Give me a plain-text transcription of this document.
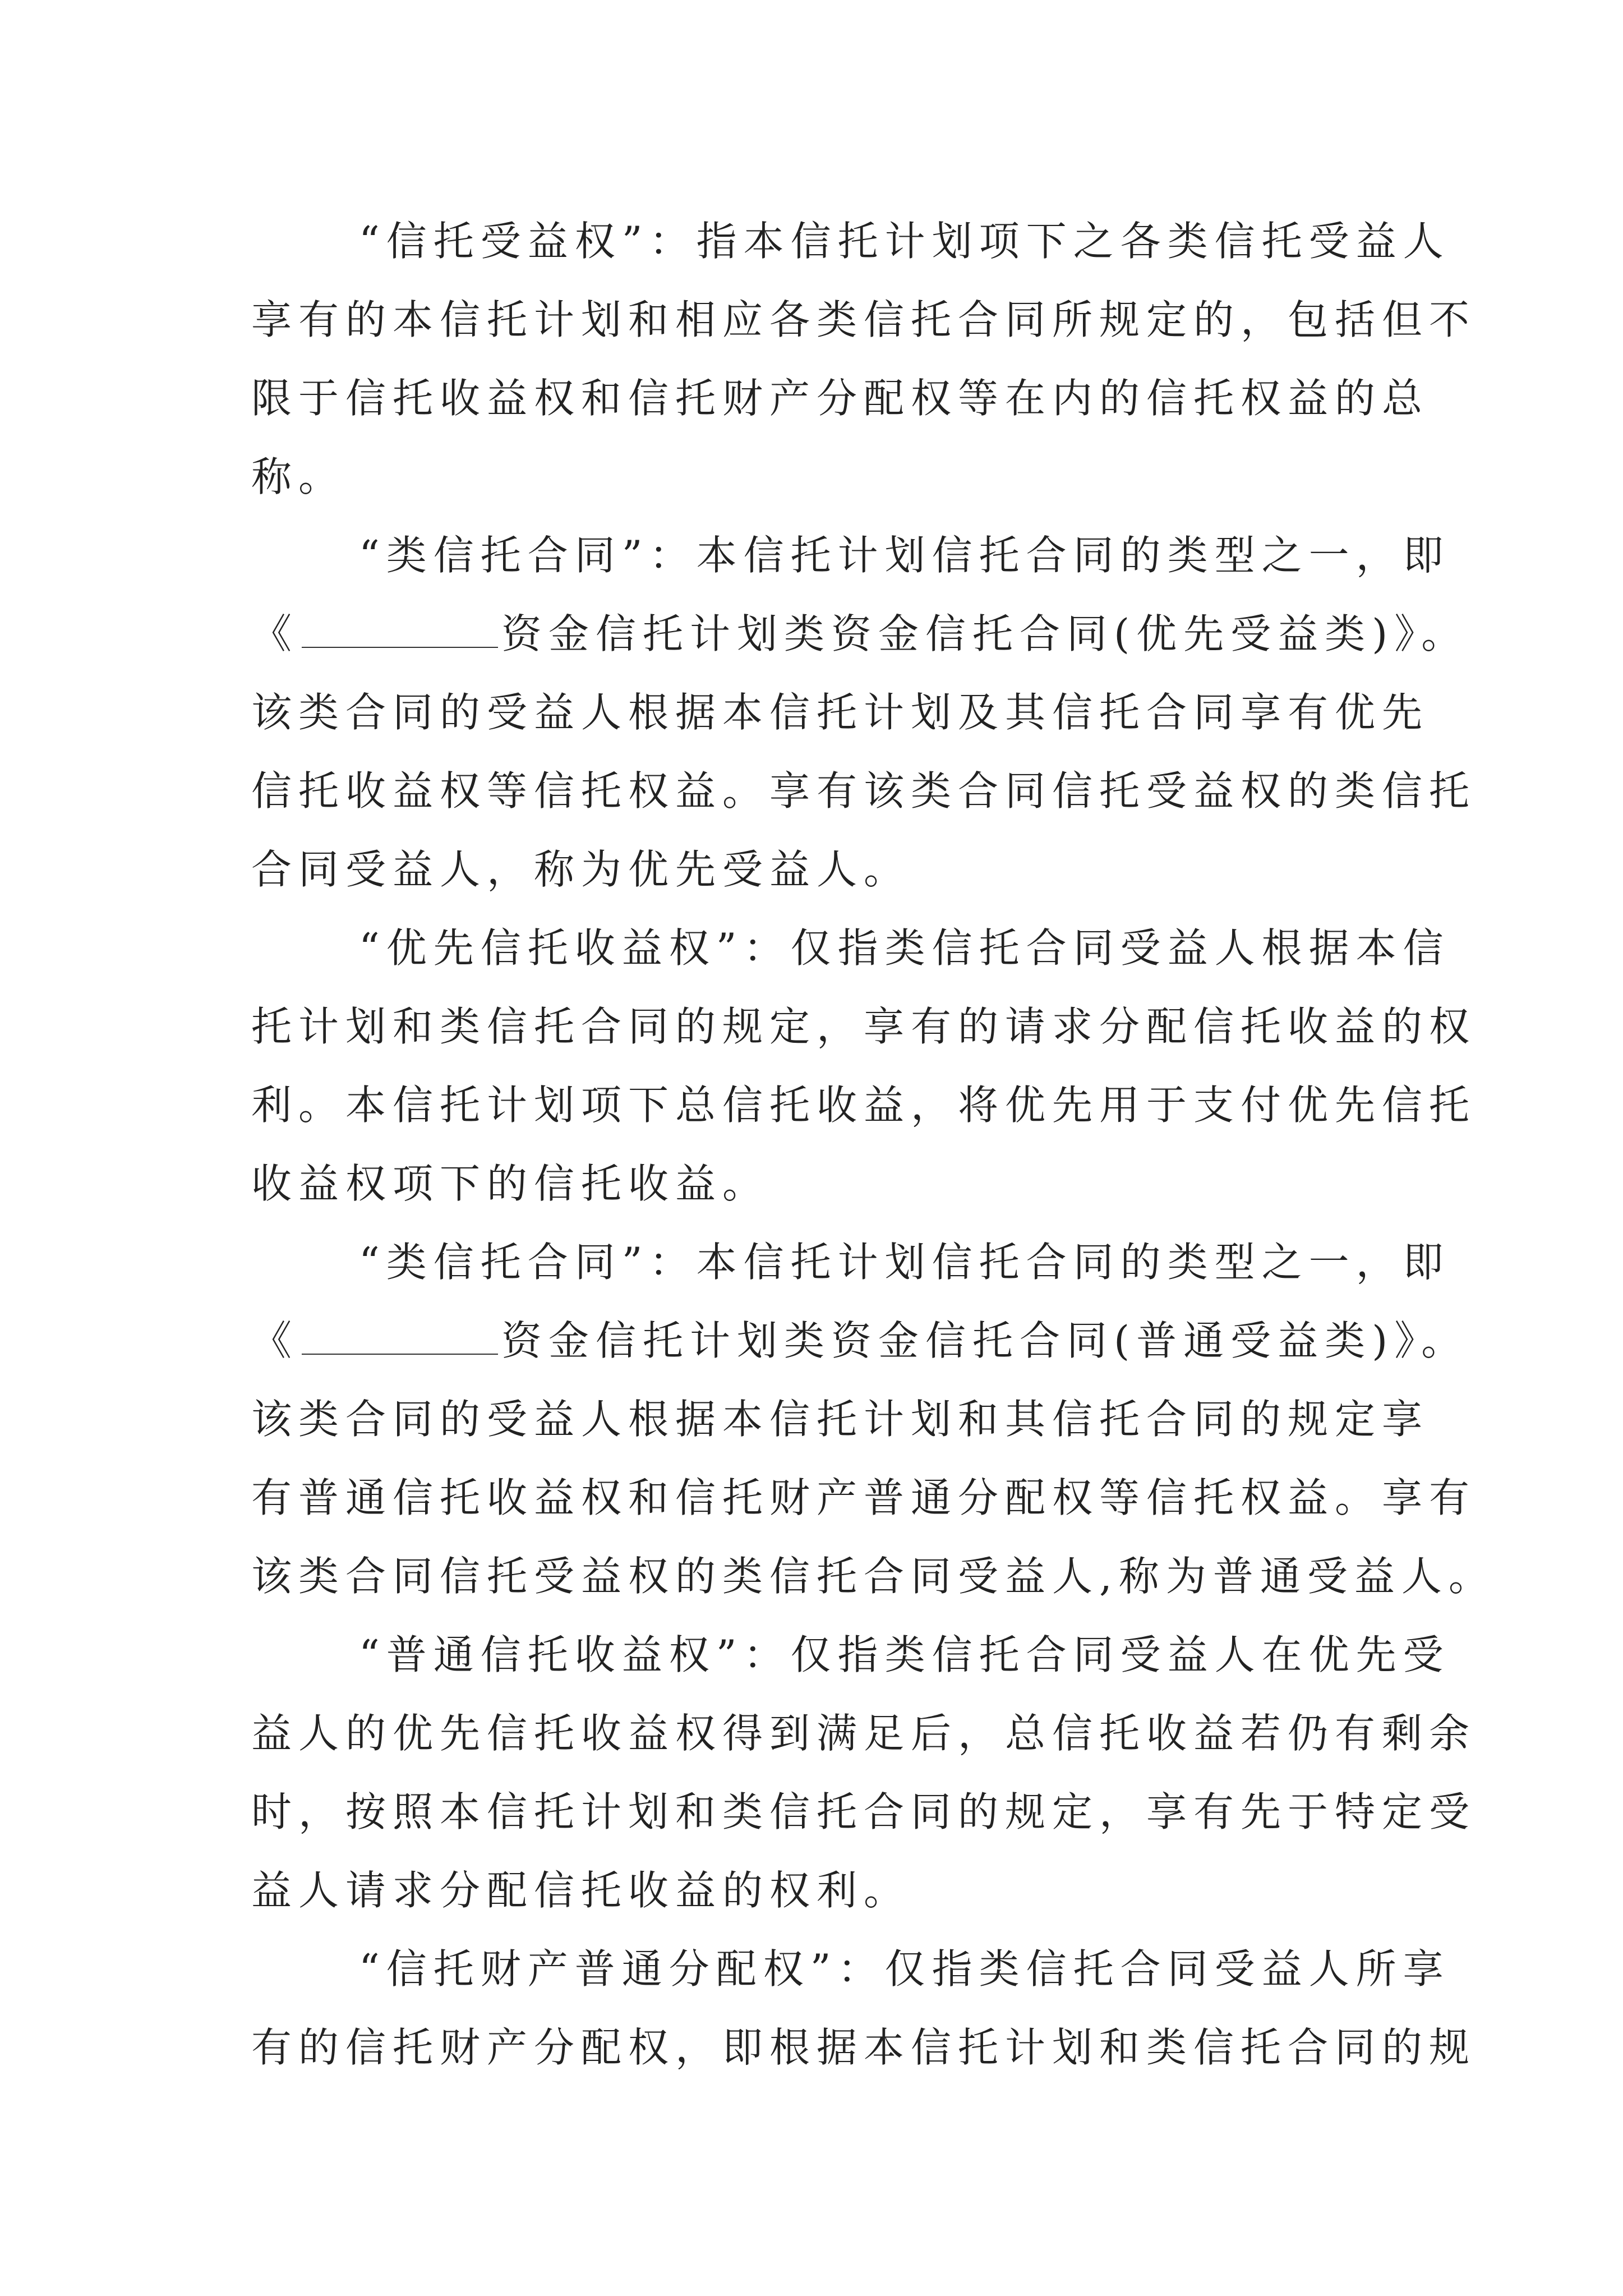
“信托受益权”：指本信托计划项下之各类信托受益人
享有的本信托计划和相应各类信托合同所规定的，包括但不
限于信托收益权和信托财产分配权等在内的信托权益的总
称。
“类信托合同”：本信托计划信托合同的类型之一，即
《	资金信托计划类资金信托合同(优先受益类)》。
该类合同的受益人根据本信托计划及其信托合同享有优先
信托收益权等信托权益。享有该类合同信托受益权的类信托
合同受益人，称为优先受益人。
“优先信托收益权”：仅指类信托合同受益人根据本信
托计划和类信托合同的规定，享有的请求分配信托收益的权
利。本信托计划项下总信托收益，将优先用于支付优先信托
收益权项下的信托收益。
“类信托合同”：本信托计划信托合同的类型之一，即
《	资金信托计划类资金信托合同(普通受益类)》。
该类合同的受益人根据本信托计划和其信托合同的规定享
有普通信托收益权和信托财产普通分配权等信托权益。享有
该类合同信托受益权的类信托合同受益人,称为普通受益人。
“普通信托收益权”：仅指类信托合同受益人在优先受
益人的优先信托收益权得到满足后，总信托收益若仍有剩余
时，按照本信托计划和类信托合同的规定，享有先于特定受
益人请求分配信托收益的权利。
“信托财产普通分配权”：仅指类信托合同受益人所享
有的信托财产分配权，即根据本信托计划和类信托合同的规
